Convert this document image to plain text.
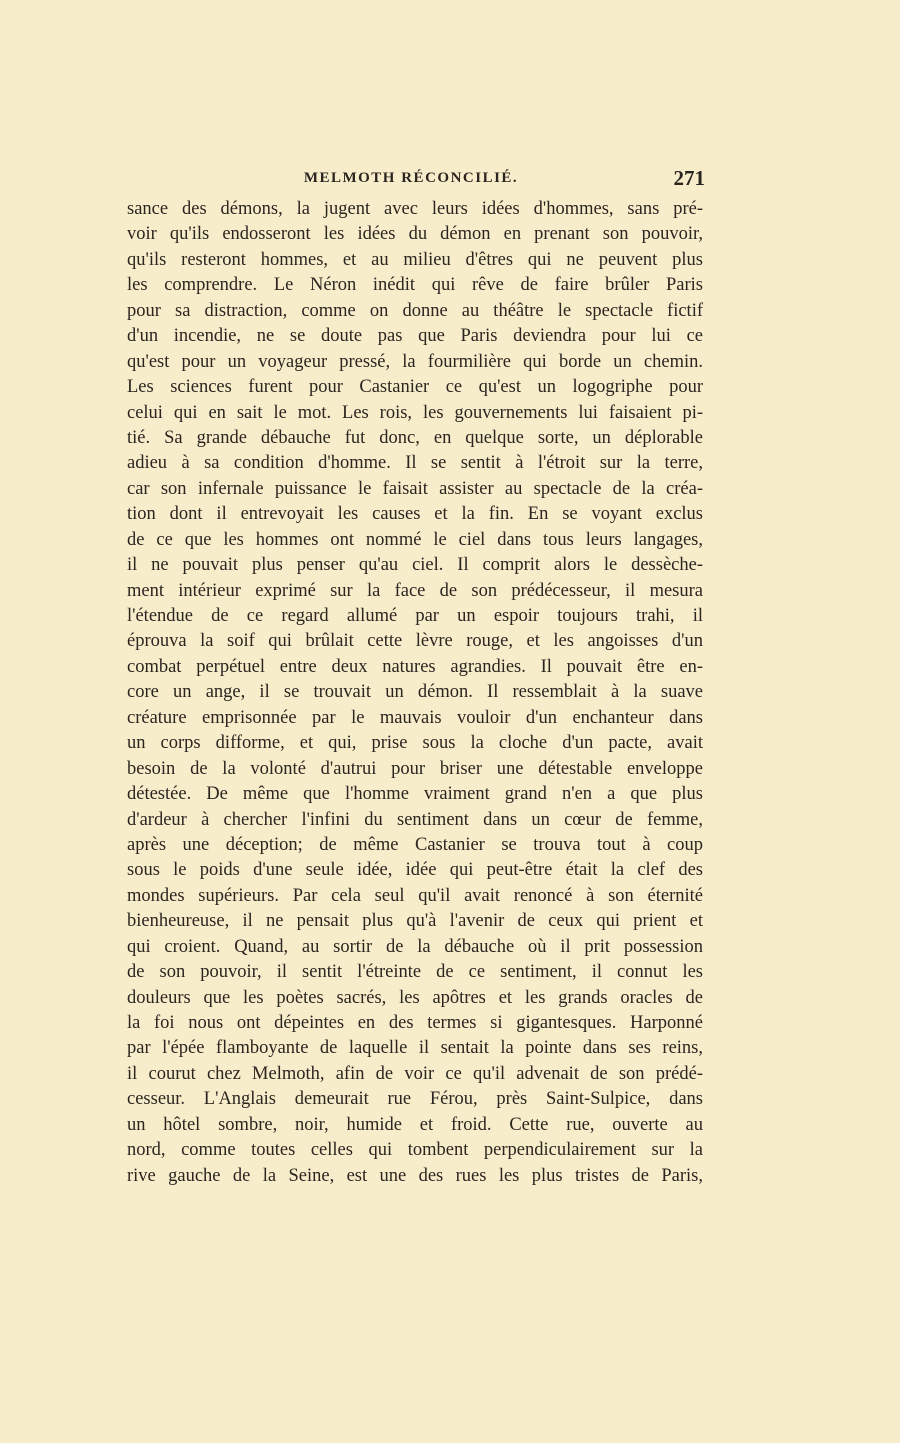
MELMOTH RÉCONCILIÉ.	271
sance des démons, la jugent avec leurs idées d'hommes, sans pré-
voir qu'ils endosseront les idées du démon en prenant son pouvoir,
qu'ils resteront hommes, et au milieu d'êtres qui ne peuvent plus
les comprendre. Le Néron inédit qui rêve de faire brûler Paris
pour sa distraction, comme on donne au théâtre le spectacle fictif
d'un incendie, ne se doute pas que Paris deviendra pour lui ce
qu'est pour un voyageur pressé, la fourmilière qui borde un chemin.
Les sciences furent pour Castanier ce qu'est un logogriphe pour
celui qui en sait le mot. Les rois, les gouvernements lui faisaient pi-
tié. Sa grande débauche fut donc, en quelque sorte, un déplorable
adieu à sa condition d'homme. Il se sentit à l'étroit sur la terre,
car son infernale puissance le faisait assister au spectacle de la créa-
tion dont il entrevoyait les causes et la fin. En se voyant exclus
de ce que les hommes ont nommé le ciel dans tous leurs langages,
il ne pouvait plus penser qu'au ciel. Il comprit alors le dessèche-
ment intérieur exprimé sur la face de son prédécesseur, il mesura
l'étendue de ce regard allumé par un espoir toujours trahi, il
éprouva la soif qui brûlait cette lèvre rouge, et les angoisses d'un
combat perpétuel entre deux natures agrandies. Il pouvait être en-
core un ange, il se trouvait un démon. Il ressemblait à la suave
créature emprisonnée par le mauvais vouloir d'un enchanteur dans
un corps difforme, et qui, prise sous la cloche d'un pacte, avait
besoin de la volonté d'autrui pour briser une détestable enveloppe
détestée. De même que l'homme vraiment grand n'en a que plus
d'ardeur à chercher l'infini du sentiment dans un cœur de femme,
après une déception; de même Castanier se trouva tout à coup
sous le poids d'une seule idée, idée qui peut-être était la clef des
mondes supérieurs. Par cela seul qu'il avait renoncé à son éternité
bienheureuse, il ne pensait plus qu'à l'avenir de ceux qui prient et
qui croient. Quand, au sortir de la débauche où il prit possession
de son pouvoir, il sentit l'étreinte de ce sentiment, il connut les
douleurs que les poètes sacrés, les apôtres et les grands oracles de
la foi nous ont dépeintes en des termes si gigantesques. Harponné
par l'épée flamboyante de laquelle il sentait la pointe dans ses reins,
il courut chez Melmoth, afin de voir ce qu'il advenait de son prédé-
cesseur. L'Anglais demeurait rue Férou, près Saint-Sulpice, dans
un hôtel sombre, noir, humide et froid. Cette rue, ouverte au
nord, comme toutes celles qui tombent perpendiculairement sur la
rive gauche de la Seine, est une des rues les plus tristes de Paris,
